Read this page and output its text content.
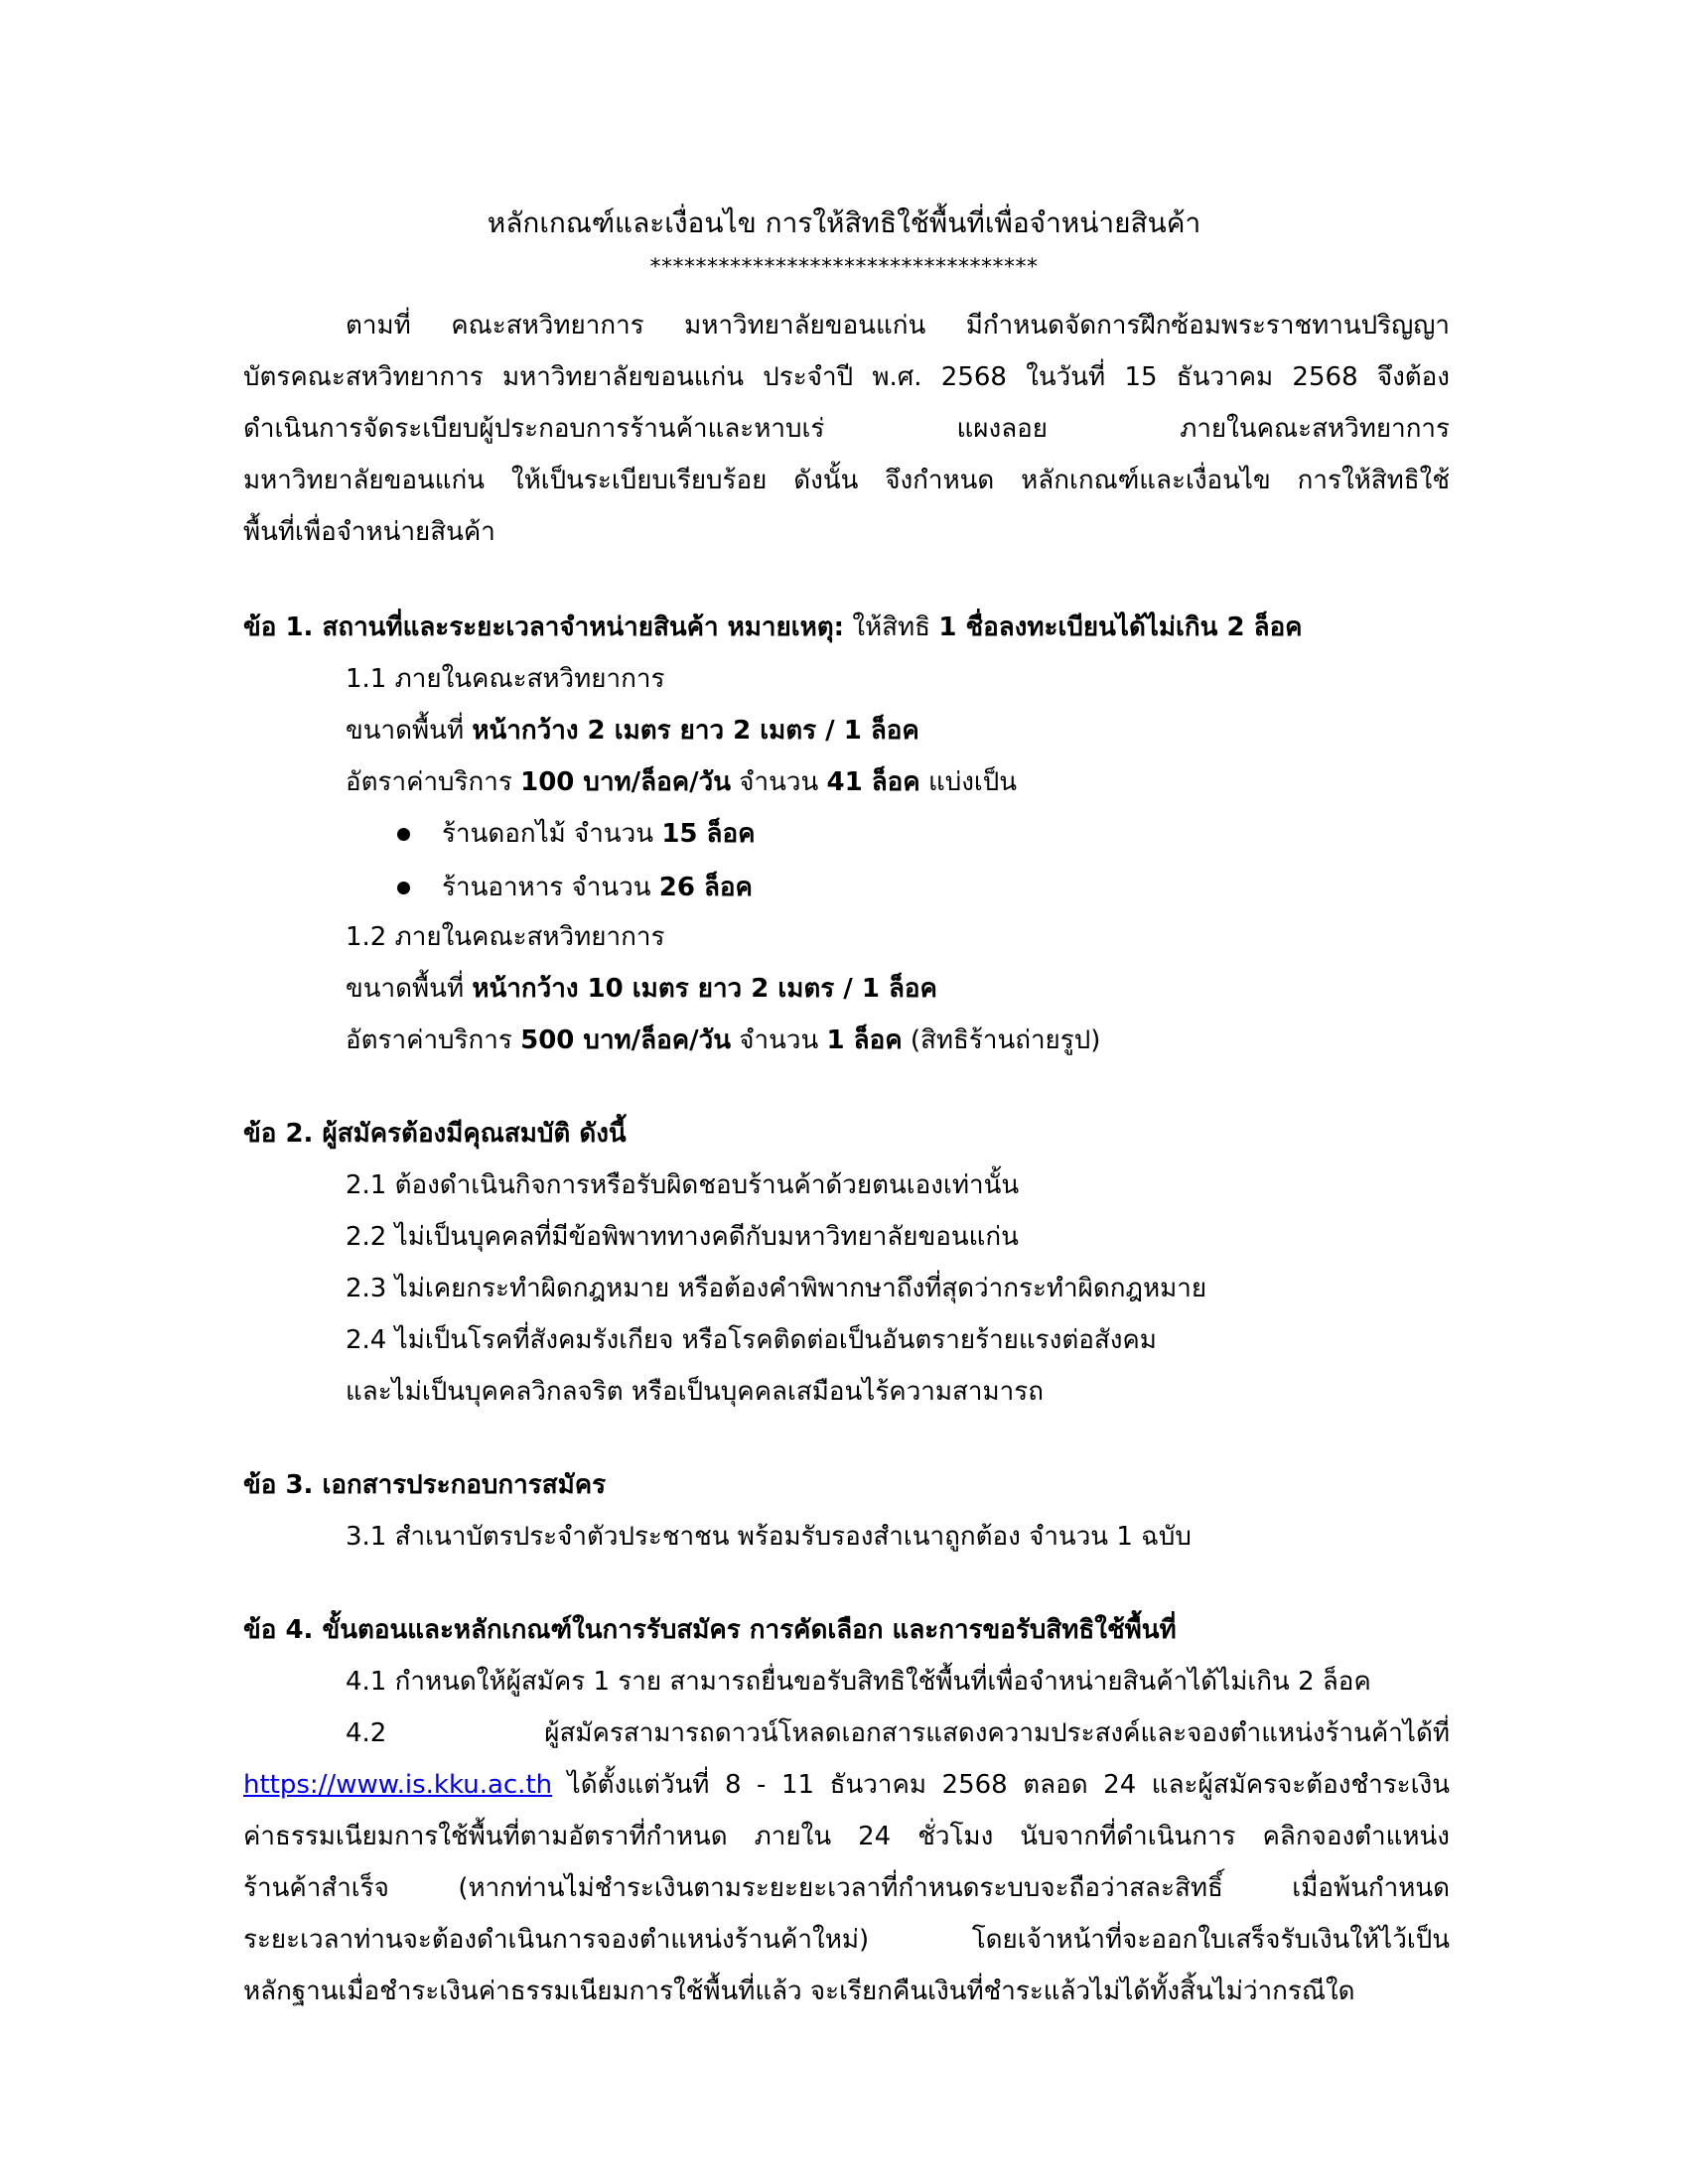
หลักเกณฑ์และเงื่อนไข การให้สิทธิใช้พื้นที่เพื่อจำหน่ายสินค้า
**********************************
ตามที่ คณะสหวิทยาการ มหาวิทยาลัยขอนแก่น มีกำหนดจัดการฝึกซ้อมพระราชทานปริญญา
บัตรคณะสหวิทยาการ มหาวิทยาลัยขอนแก่น ประจำปี พ.ศ. 2568 ในวันที่ 15 ธันวาคม 2568 จึงต้อง
ดำเนินการจัดระเบียบผู้ประกอบการร้านค้าและหาบเร่ แผงลอย ภายในคณะสหวิทยาการ
มหาวิทยาลัยขอนแก่น ให้เป็นระเบียบเรียบร้อย ดังนั้น จึงกำหนด หลักเกณฑ์และเงื่อนไข การให้สิทธิใช้
พื้นที่เพื่อจำหน่ายสินค้า
ข้อ 1. สถานที่และระยะเวลาจำหน่ายสินค้า หมายเหตุ: ให้สิทธิ 1 ชื่อลงทะเบียนได้ไม่เกิน 2 ล็อค
1.1 ภายในคณะสหวิทยาการ
ขนาดพื้นที่ หน้ากว้าง 2 เมตร ยาว 2 เมตร / 1 ล็อค
อัตราค่าบริการ 100 บาท/ล็อค/วัน จำนวน 41 ล็อค แบ่งเป็น
ร้านดอกไม้ จำนวน 15 ล็อค
ร้านอาหาร จำนวน 26 ล็อค
1.2 ภายในคณะสหวิทยาการ
ขนาดพื้นที่ หน้ากว้าง 10 เมตร ยาว 2 เมตร / 1 ล็อค
อัตราค่าบริการ 500 บาท/ล็อค/วัน จำนวน 1 ล็อค (สิทธิร้านถ่ายรูป)
ข้อ 2. ผู้สมัครต้องมีคุณสมบัติ ดังนี้
2.1 ต้องดำเนินกิจการหรือรับผิดชอบร้านค้าด้วยตนเองเท่านั้น
2.2 ไม่เป็นบุคคลที่มีข้อพิพาททางคดีกับมหาวิทยาลัยขอนแก่น
2.3 ไม่เคยกระทำผิดกฎหมาย หรือต้องคำพิพากษาถึงที่สุดว่ากระทำผิดกฎหมาย
2.4 ไม่เป็นโรคที่สังคมรังเกียจ หรือโรคติดต่อเป็นอันตรายร้ายแรงต่อสังคม
และไม่เป็นบุคคลวิกลจริต หรือเป็นบุคคลเสมือนไร้ความสามารถ
ข้อ 3. เอกสารประกอบการสมัคร
3.1 สำเนาบัตรประจำตัวประชาชน พร้อมรับรองสำเนาถูกต้อง จำนวน 1 ฉบับ
ข้อ 4. ขั้นตอนและหลักเกณฑ์ในการรับสมัคร การคัดเลือก และการขอรับสิทธิใช้พื้นที่
4.1 กำหนดให้ผู้สมัคร 1 ราย สามารถยื่นขอรับสิทธิใช้พื้นที่เพื่อจำหน่ายสินค้าได้ไม่เกิน 2 ล็อค
4.2 ผู้สมัครสามารถดาวน์โหลดเอกสารแสดงความประสงค์และจองตำแหน่งร้านค้าได้ที่
https://www.is.kku.ac.th ได้ตั้งแต่วันที่ 8 - 11 ธันวาคม 2568 ตลอด 24 และผู้สมัครจะต้องชำระเงิน
ค่าธรรมเนียมการใช้พื้นที่ตามอัตราที่กำหนด ภายใน 24 ชั่วโมง นับจากที่ดำเนินการ คลิกจองตำแหน่ง
ร้านค้าสำเร็จ (หากท่านไม่ชำระเงินตามระยะยะเวลาที่กำหนดระบบจะถือว่าสละสิทธิ์ เมื่อพ้นกำหนด
ระยะเวลาท่านจะต้องดำเนินการจองตำแหน่งร้านค้าใหม่) โดยเจ้าหน้าที่จะออกใบเสร็จรับเงินให้ไว้เป็น
หลักฐานเมื่อชำระเงินค่าธรรมเนียมการใช้พื้นที่แล้ว จะเรียกคืนเงินที่ชำระแล้วไม่ได้ทั้งสิ้นไม่ว่ากรณีใด
